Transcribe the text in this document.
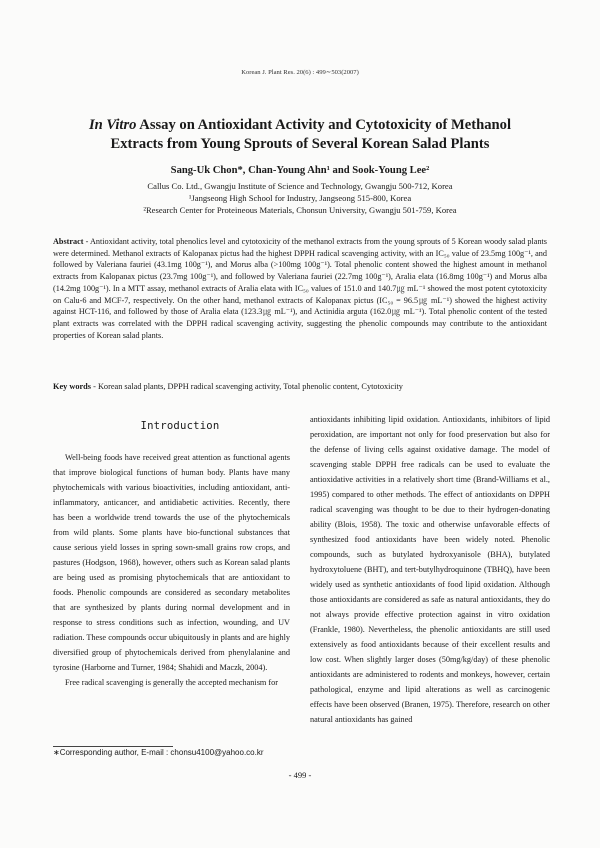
Korean J. Plant Res. 20(6) : 499∼503(2007)
In Vitro Assay on Antioxidant Activity and Cytotoxicity of Methanol
Extracts from Young Sprouts of Several Korean Salad Plants
Sang-Uk Chon*, Chan-Young Ahn¹ and Sook-Young Lee²
Callus Co. Ltd., Gwangju Institute of Science and Technology, Gwangju 500-712, Korea
¹Jangseong High School for Industry, Jangseong 515-800, Korea
²Research Center for Proteineous Materials, Chonsun University, Gwangju 501-759, Korea
Abstract - Antioxidant activity, total phenolics level and cytotoxicity of the methanol extracts from the young sprouts of 5 Korean woody salad plants were determined. Methanol extracts of Kalopanax pictus had the highest DPPH radical scavenging activity, with an IC₅₀ value of 23.5mg 100g⁻¹, and followed by Valeriana fauriei (43.1mg 100g⁻¹), and Morus alba (>100mg 100g⁻¹). Total phenolic content showed the highest amount in methanol extracts from Kalopanax pictus (23.7mg 100g⁻¹), and followed by Valeriana fauriei (22.7mg 100g⁻¹), Aralia elata (16.8mg 100g⁻¹) and Morus alba (14.2mg 100g⁻¹). In a MTT assay, methanol extracts of Aralia elata with IC₅₀ values of 151.0 and 140.7㎍ mL⁻¹ showed the most potent cytotoxicity on Calu-6 and MCF-7, respectively. On the other hand, methanol extracts of Kalopanax pictus (IC₅₀ = 96.5㎍ mL⁻¹) showed the highest activity against HCT-116, and followed by those of Aralia elata (123.3㎍ mL⁻¹), and Actinidia arguta (162.0㎍ mL⁻¹). Total phenolic content of the tested plant extracts was correlated with the DPPH radical scavenging activity, suggesting the phenolic compounds may contribute to the antioxidant properties of Korean salad plants.
Key words - Korean salad plants, DPPH radical scavenging activity, Total phenolic content, Cytotoxicity
Introduction

Well-being foods have received great attention as functional agents that improve biological functions of human body. Plants have many phytochemicals with various bioactivities, including antioxidant, anti-inflammatory, anticancer, and antidiabetic activities. Recently, there has been a worldwide trend towards the use of the phytochemicals from wild plants. Some plants have bio-functional substances that cause serious yield losses in spring sown-small grains row crops, and pastures (Hodgson, 1968), however, others such as Korean salad plants are being used as promising phytochemicals that are antioxidant to foods. Phenolic compounds are considered as secondary metabolites that are synthesized by plants during normal development and in response to stress conditions such as infection, wounding, and UV radiation. These compounds occur ubiquitously in plants and are highly diversified group of phytochemicals derived from phenylalanine and tyrosine (Harborne and Turner, 1984; Shahidi and Maczk, 2004).

Free radical scavenging is generally the accepted mechanism for

antioxidants inhibiting lipid oxidation. Antioxidants, inhibitors of lipid peroxidation, are important not only for food preservation but also for the defense of living cells against oxidative damage. The model of scavenging stable DPPH free radicals can be used to evaluate the antioxidative activities in a relatively short time (Brand-Williams et al., 1995) compared to other methods. The effect of antioxidants on DPPH radical scavenging was thought to be due to their hydrogen-donating ability (Blois, 1958). The toxic and otherwise unfavorable effects of synthesized food antioxidants have been widely noted. Phenolic compounds, such as butylated hydroxyanisole (BHA), butylated hydroxytoluene (BHT), and tert-butylhydroquinone (TBHQ), have been widely used as synthetic antioxidants of food lipid oxidation. Although those antioxidants are considered as safe as natural antioxidants, they do not always provide effective protection against in vitro oxidation (Frankle, 1980). Nevertheless, the phenolic antioxidants are still used extensively as food antioxidants because of their excellent results and low cost. When slightly larger doses (50mg/kg/day) of these phenolic antioxidants are administered to rodents and monkeys, however, certain pathological, enzyme and lipid alterations as well as carcinogenic effects have been observed (Branen, 1975). Therefore, research on other natural antioxidants has gained

∗Corresponding author, E-mail : chonsu4100@yahoo.co.kr
- 499 -
